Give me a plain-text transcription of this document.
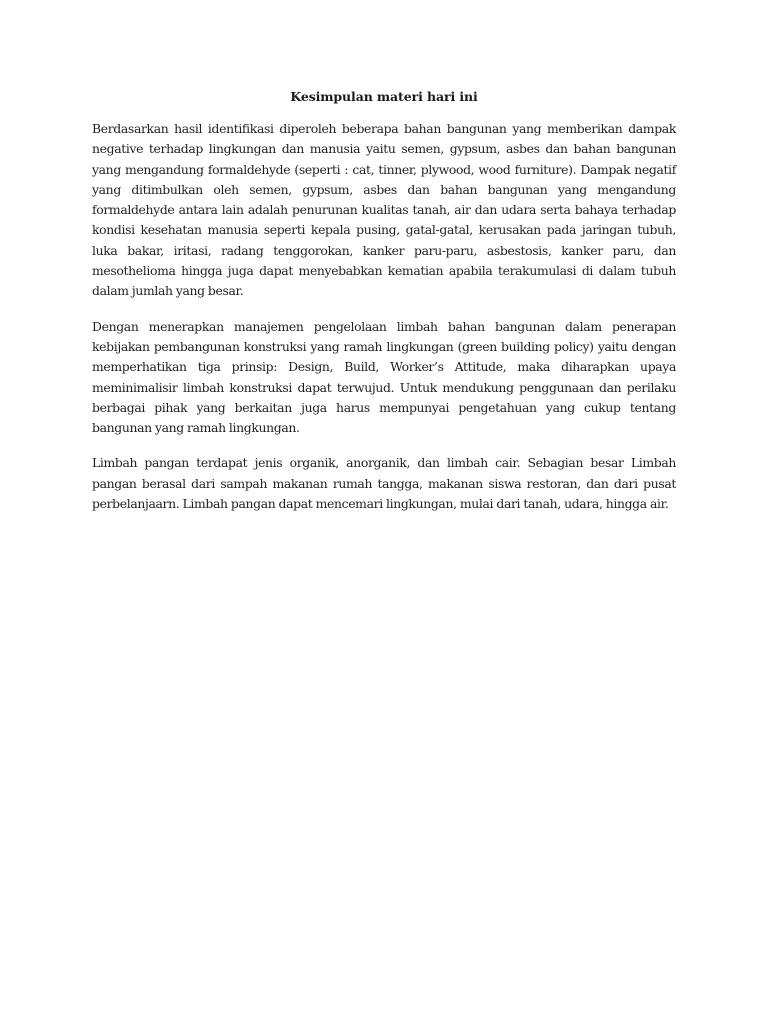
Kesimpulan materi hari ini

Berdasarkan hasil identifikasi diperoleh beberapa bahan bangunan yang memberikan dampak negative terhadap lingkungan dan manusia yaitu semen, gypsum, asbes dan bahan bangunan yang mengandung formaldehyde (seperti : cat, tinner, plywood, wood furniture). Dampak negatif yang ditimbulkan oleh semen, gypsum, asbes dan bahan bangunan yang mengandung formaldehyde antara lain adalah penurunan kualitas tanah, air dan udara serta bahaya terhadap kondisi kesehatan manusia seperti kepala pusing, gatal-gatal, kerusakan pada jaringan tubuh, luka bakar, iritasi, radang tenggorokan, kanker paru-paru, asbestosis, kanker paru, dan mesothelioma hingga juga dapat menyebabkan kematian apabila terakumulasi di dalam tubuh dalam jumlah yang besar.

Dengan menerapkan manajemen pengelolaan limbah bahan bangunan dalam penerapan kebijakan pembangunan konstruksi yang ramah lingkungan (green building policy) yaitu dengan memperhatikan tiga prinsip: Design, Build, Worker’s Attitude, maka diharapkan upaya meminimalisir limbah konstruksi dapat terwujud. Untuk mendukung penggunaan dan perilaku berbagai pihak yang berkaitan juga harus mempunyai pengetahuan yang cukup tentang bangunan yang ramah lingkungan.

Limbah pangan terdapat jenis organik, anorganik, dan limbah cair. Sebagian besar Limbah pangan berasal dari sampah makanan rumah tangga, makanan siswa restoran, dan dari pusat perbelanjaarn. Limbah pangan dapat mencemari lingkungan, mulai dari tanah, udara, hingga air.
